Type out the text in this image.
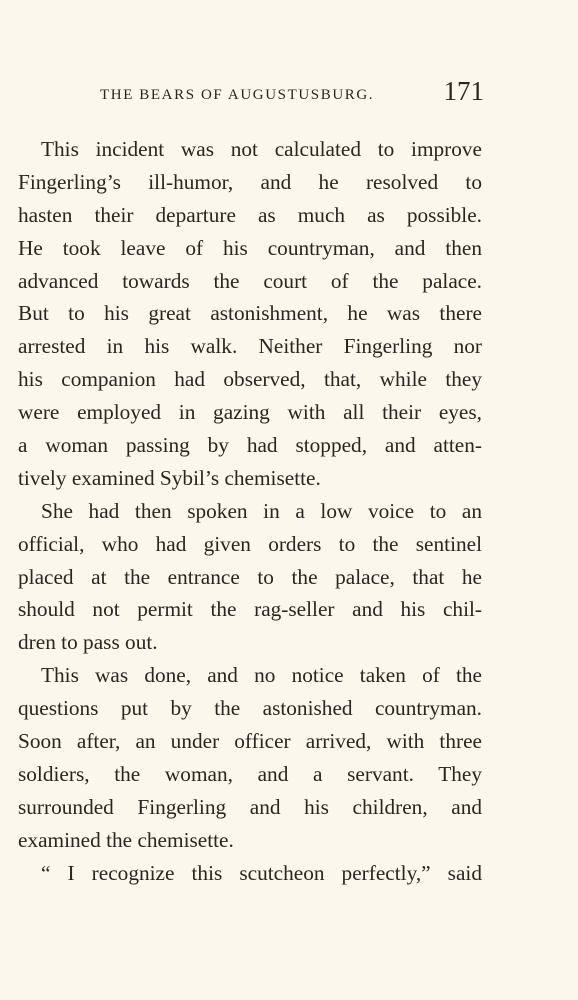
THE BEARS OF AUGUSTUSBURG.	171
This incident was not calculated to improve
Fingerling’s ill-humor, and he resolved to
hasten their departure as much as possible.
He took leave of his countryman, and then
advanced towards the court of the palace.
But to his great astonishment, he was there
arrested in his walk. Neither Fingerling nor
his companion had observed, that, while they
were employed in gazing with all their eyes,
a woman passing by had stopped, and atten-
tively examined Sybil’s chemisette.
She had then spoken in a low voice to an
official, who had given orders to the sentinel
placed at the entrance to the palace, that he
should not permit the rag-seller and his chil-
dren to pass out.
This was done, and no notice taken of the
questions put by the astonished countryman.
Soon after, an under officer arrived, with three
soldiers, the woman, and a servant. They
surrounded Fingerling and his children, and
examined the chemisette.
“ I recognize this scutcheon perfectly,” said
